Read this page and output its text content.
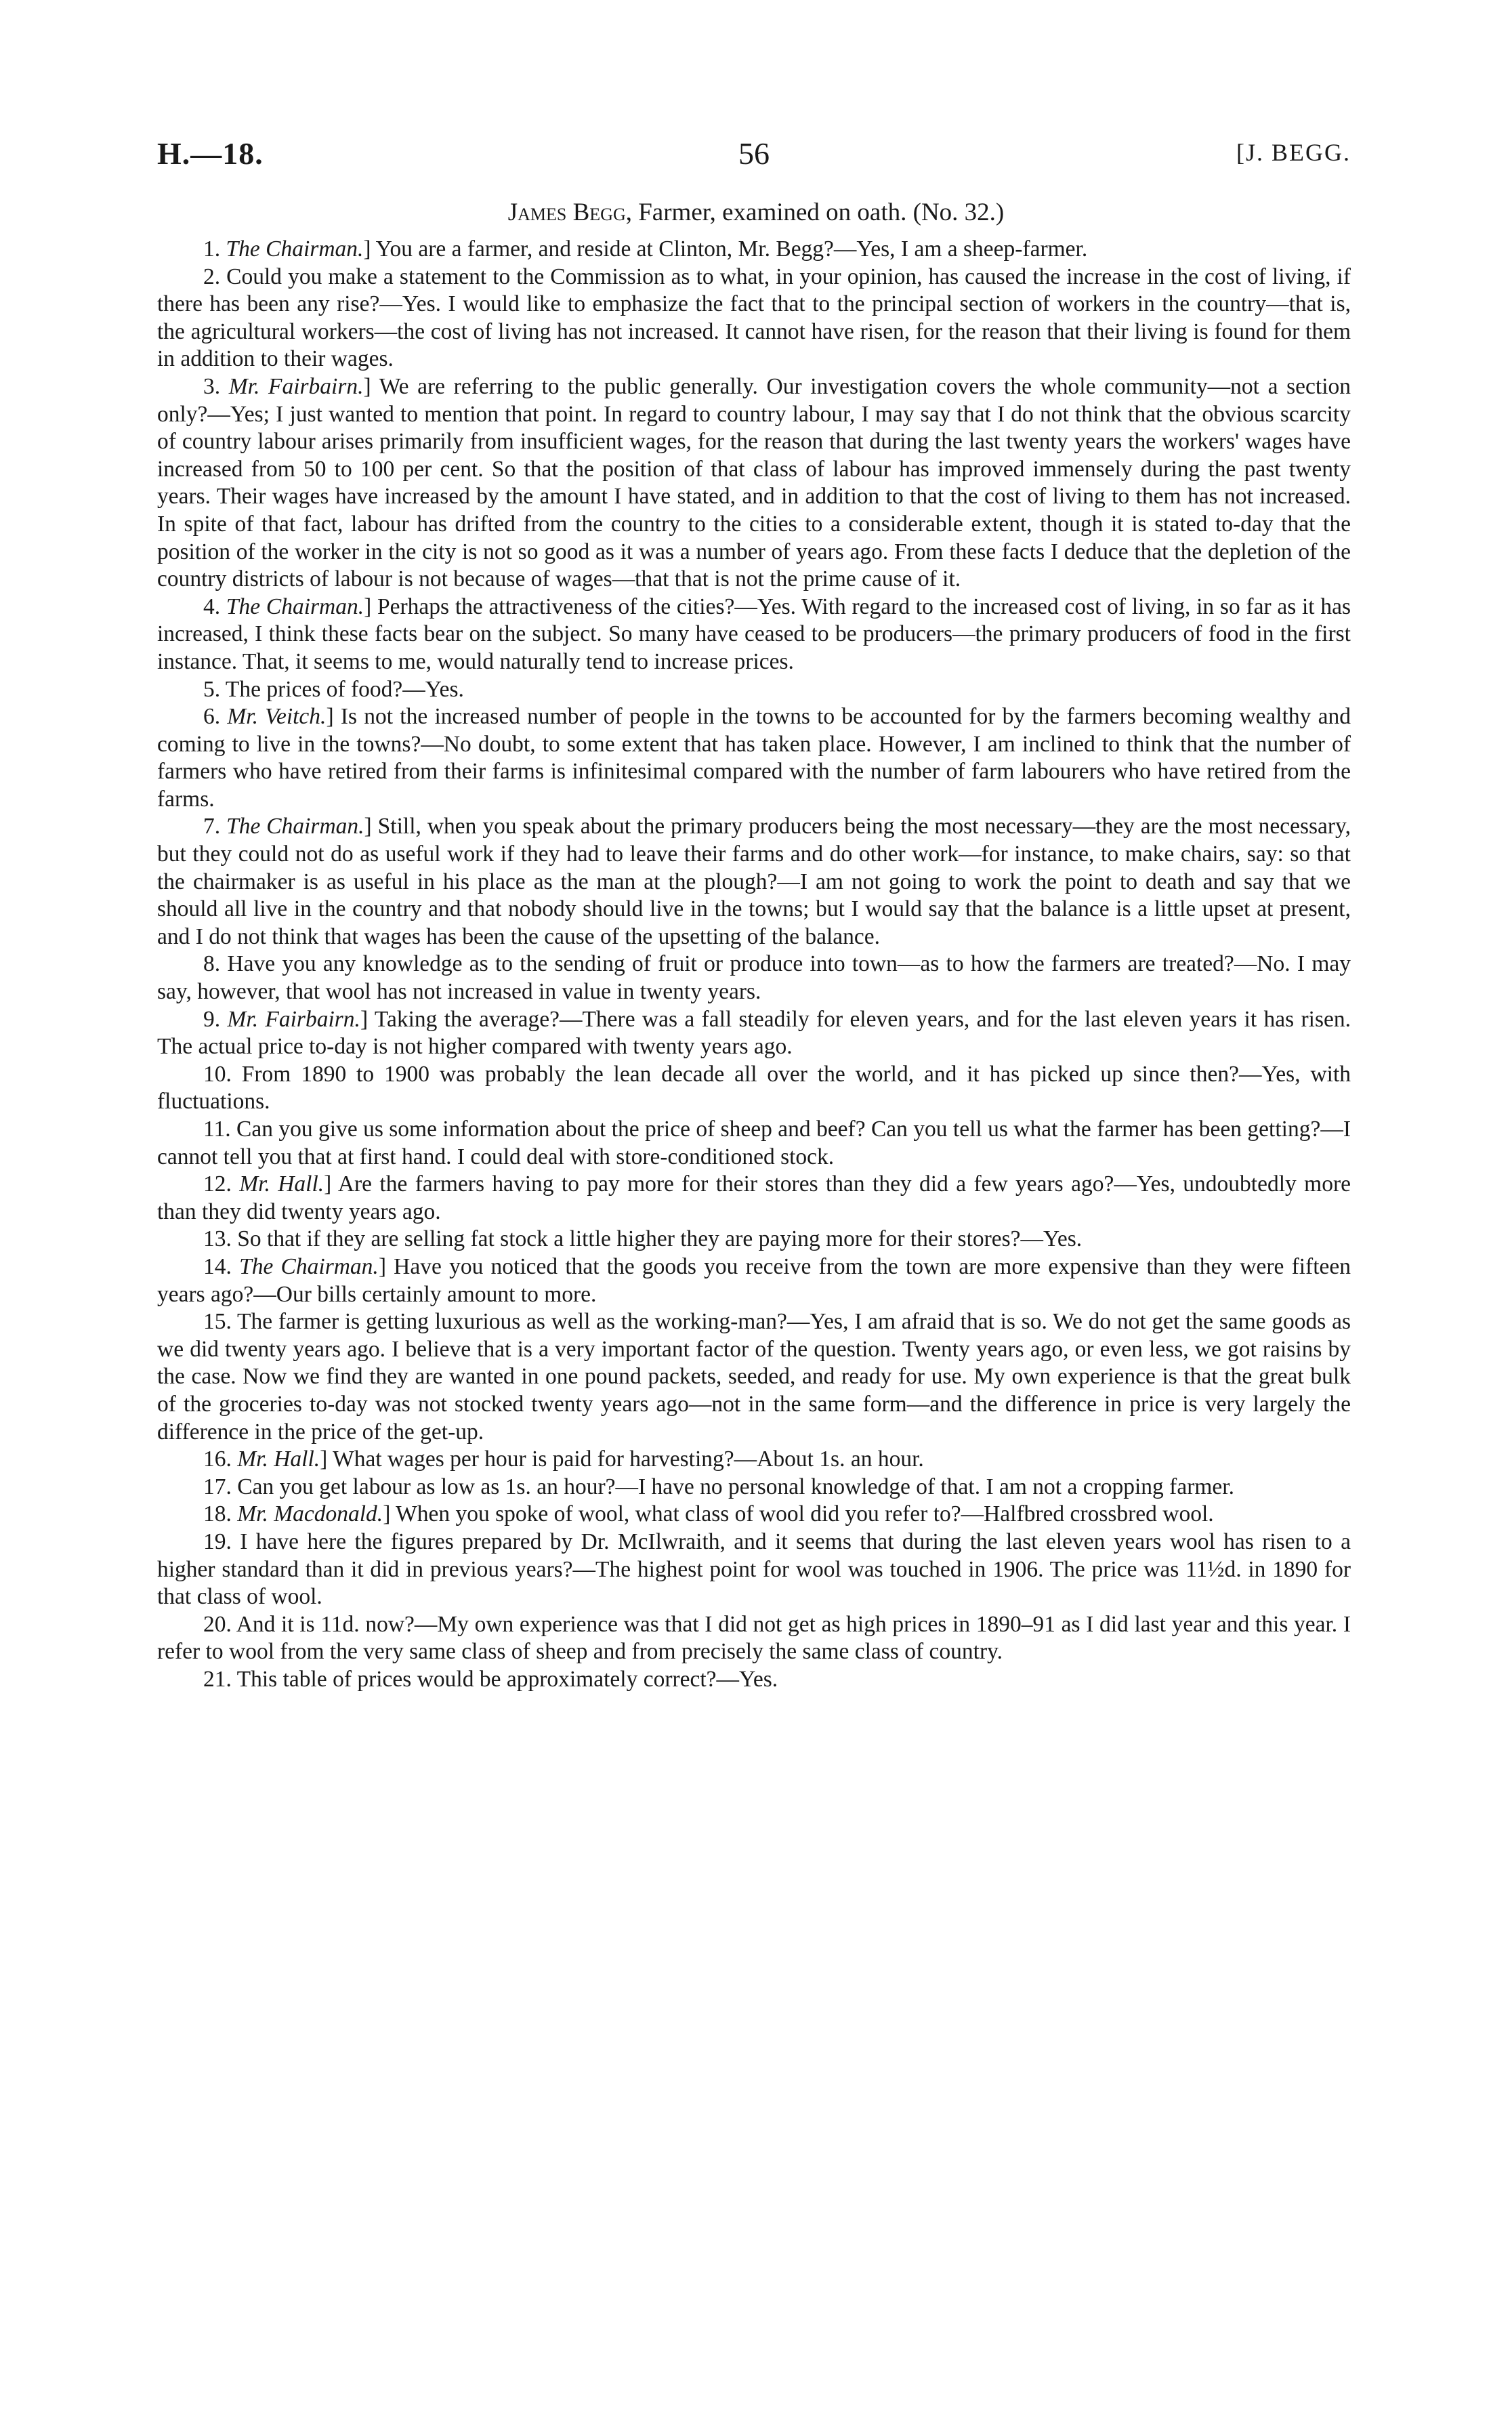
H.—18.	56	[J. BEGG.
James Begg, Farmer, examined on oath. (No. 32.)

1. The Chairman.] You are a farmer, and reside at Clinton, Mr. Begg?—Yes, I am a sheep-farmer.

2. Could you make a statement to the Commission as to what, in your opinion, has caused the increase in the cost of living, if there has been any rise?—Yes. I would like to emphasize the fact that to the principal section of workers in the country—that is, the agricultural workers—the cost of living has not increased. It cannot have risen, for the reason that their living is found for them in addition to their wages.

3. Mr. Fairbairn.] We are referring to the public generally. Our investigation covers the whole community—not a section only?—Yes; I just wanted to mention that point. In regard to country labour, I may say that I do not think that the obvious scarcity of country labour arises primarily from insufficient wages, for the reason that during the last twenty years the workers' wages have increased from 50 to 100 per cent. So that the position of that class of labour has improved immensely during the past twenty years. Their wages have increased by the amount I have stated, and in addition to that the cost of living to them has not increased. In spite of that fact, labour has drifted from the country to the cities to a considerable extent, though it is stated to-day that the position of the worker in the city is not so good as it was a number of years ago. From these facts I deduce that the depletion of the country districts of labour is not because of wages—that that is not the prime cause of it.

4. The Chairman.] Perhaps the attractiveness of the cities?—Yes. With regard to the increased cost of living, in so far as it has increased, I think these facts bear on the subject. So many have ceased to be producers—the primary producers of food in the first instance. That, it seems to me, would naturally tend to increase prices.

5. The prices of food?—Yes.

6. Mr. Veitch.] Is not the increased number of people in the towns to be accounted for by the farmers becoming wealthy and coming to live in the towns?—No doubt, to some extent that has taken place. However, I am inclined to think that the number of farmers who have retired from their farms is infinitesimal compared with the number of farm labourers who have retired from the farms.

7. The Chairman.] Still, when you speak about the primary producers being the most necessary—they are the most necessary, but they could not do as useful work if they had to leave their farms and do other work—for instance, to make chairs, say: so that the chairmaker is as useful in his place as the man at the plough?—I am not going to work the point to death and say that we should all live in the country and that nobody should live in the towns; but I would say that the balance is a little upset at present, and I do not think that wages has been the cause of the upsetting of the balance.

8. Have you any knowledge as to the sending of fruit or produce into town—as to how the farmers are treated?—No. I may say, however, that wool has not increased in value in twenty years.

9. Mr. Fairbairn.] Taking the average?—There was a fall steadily for eleven years, and for the last eleven years it has risen. The actual price to-day is not higher compared with twenty years ago.

10. From 1890 to 1900 was probably the lean decade all over the world, and it has picked up since then?—Yes, with fluctuations.

11. Can you give us some information about the price of sheep and beef? Can you tell us what the farmer has been getting?—I cannot tell you that at first hand. I could deal with store-conditioned stock.

12. Mr. Hall.] Are the farmers having to pay more for their stores than they did a few years ago?—Yes, undoubtedly more than they did twenty years ago.

13. So that if they are selling fat stock a little higher they are paying more for their stores?—Yes.

14. The Chairman.] Have you noticed that the goods you receive from the town are more expensive than they were fifteen years ago?—Our bills certainly amount to more.

15. The farmer is getting luxurious as well as the working-man?—Yes, I am afraid that is so. We do not get the same goods as we did twenty years ago. I believe that is a very important factor of the question. Twenty years ago, or even less, we got raisins by the case. Now we find they are wanted in one pound packets, seeded, and ready for use. My own experience is that the great bulk of the groceries to-day was not stocked twenty years ago—not in the same form—and the difference in price is very largely the difference in the price of the get-up.

16. Mr. Hall.] What wages per hour is paid for harvesting?—About 1s. an hour.

17. Can you get labour as low as 1s. an hour?—I have no personal knowledge of that. I am not a cropping farmer.

18. Mr. Macdonald.] When you spoke of wool, what class of wool did you refer to?—Halfbred crossbred wool.

19. I have here the figures prepared by Dr. McIlwraith, and it seems that during the last eleven years wool has risen to a higher standard than it did in previous years?—The highest point for wool was touched in 1906. The price was 11½d. in 1890 for that class of wool.

20. And it is 11d. now?—My own experience was that I did not get as high prices in 1890–91 as I did last year and this year. I refer to wool from the very same class of sheep and from precisely the same class of country.

21. This table of prices would be approximately correct?—Yes.
